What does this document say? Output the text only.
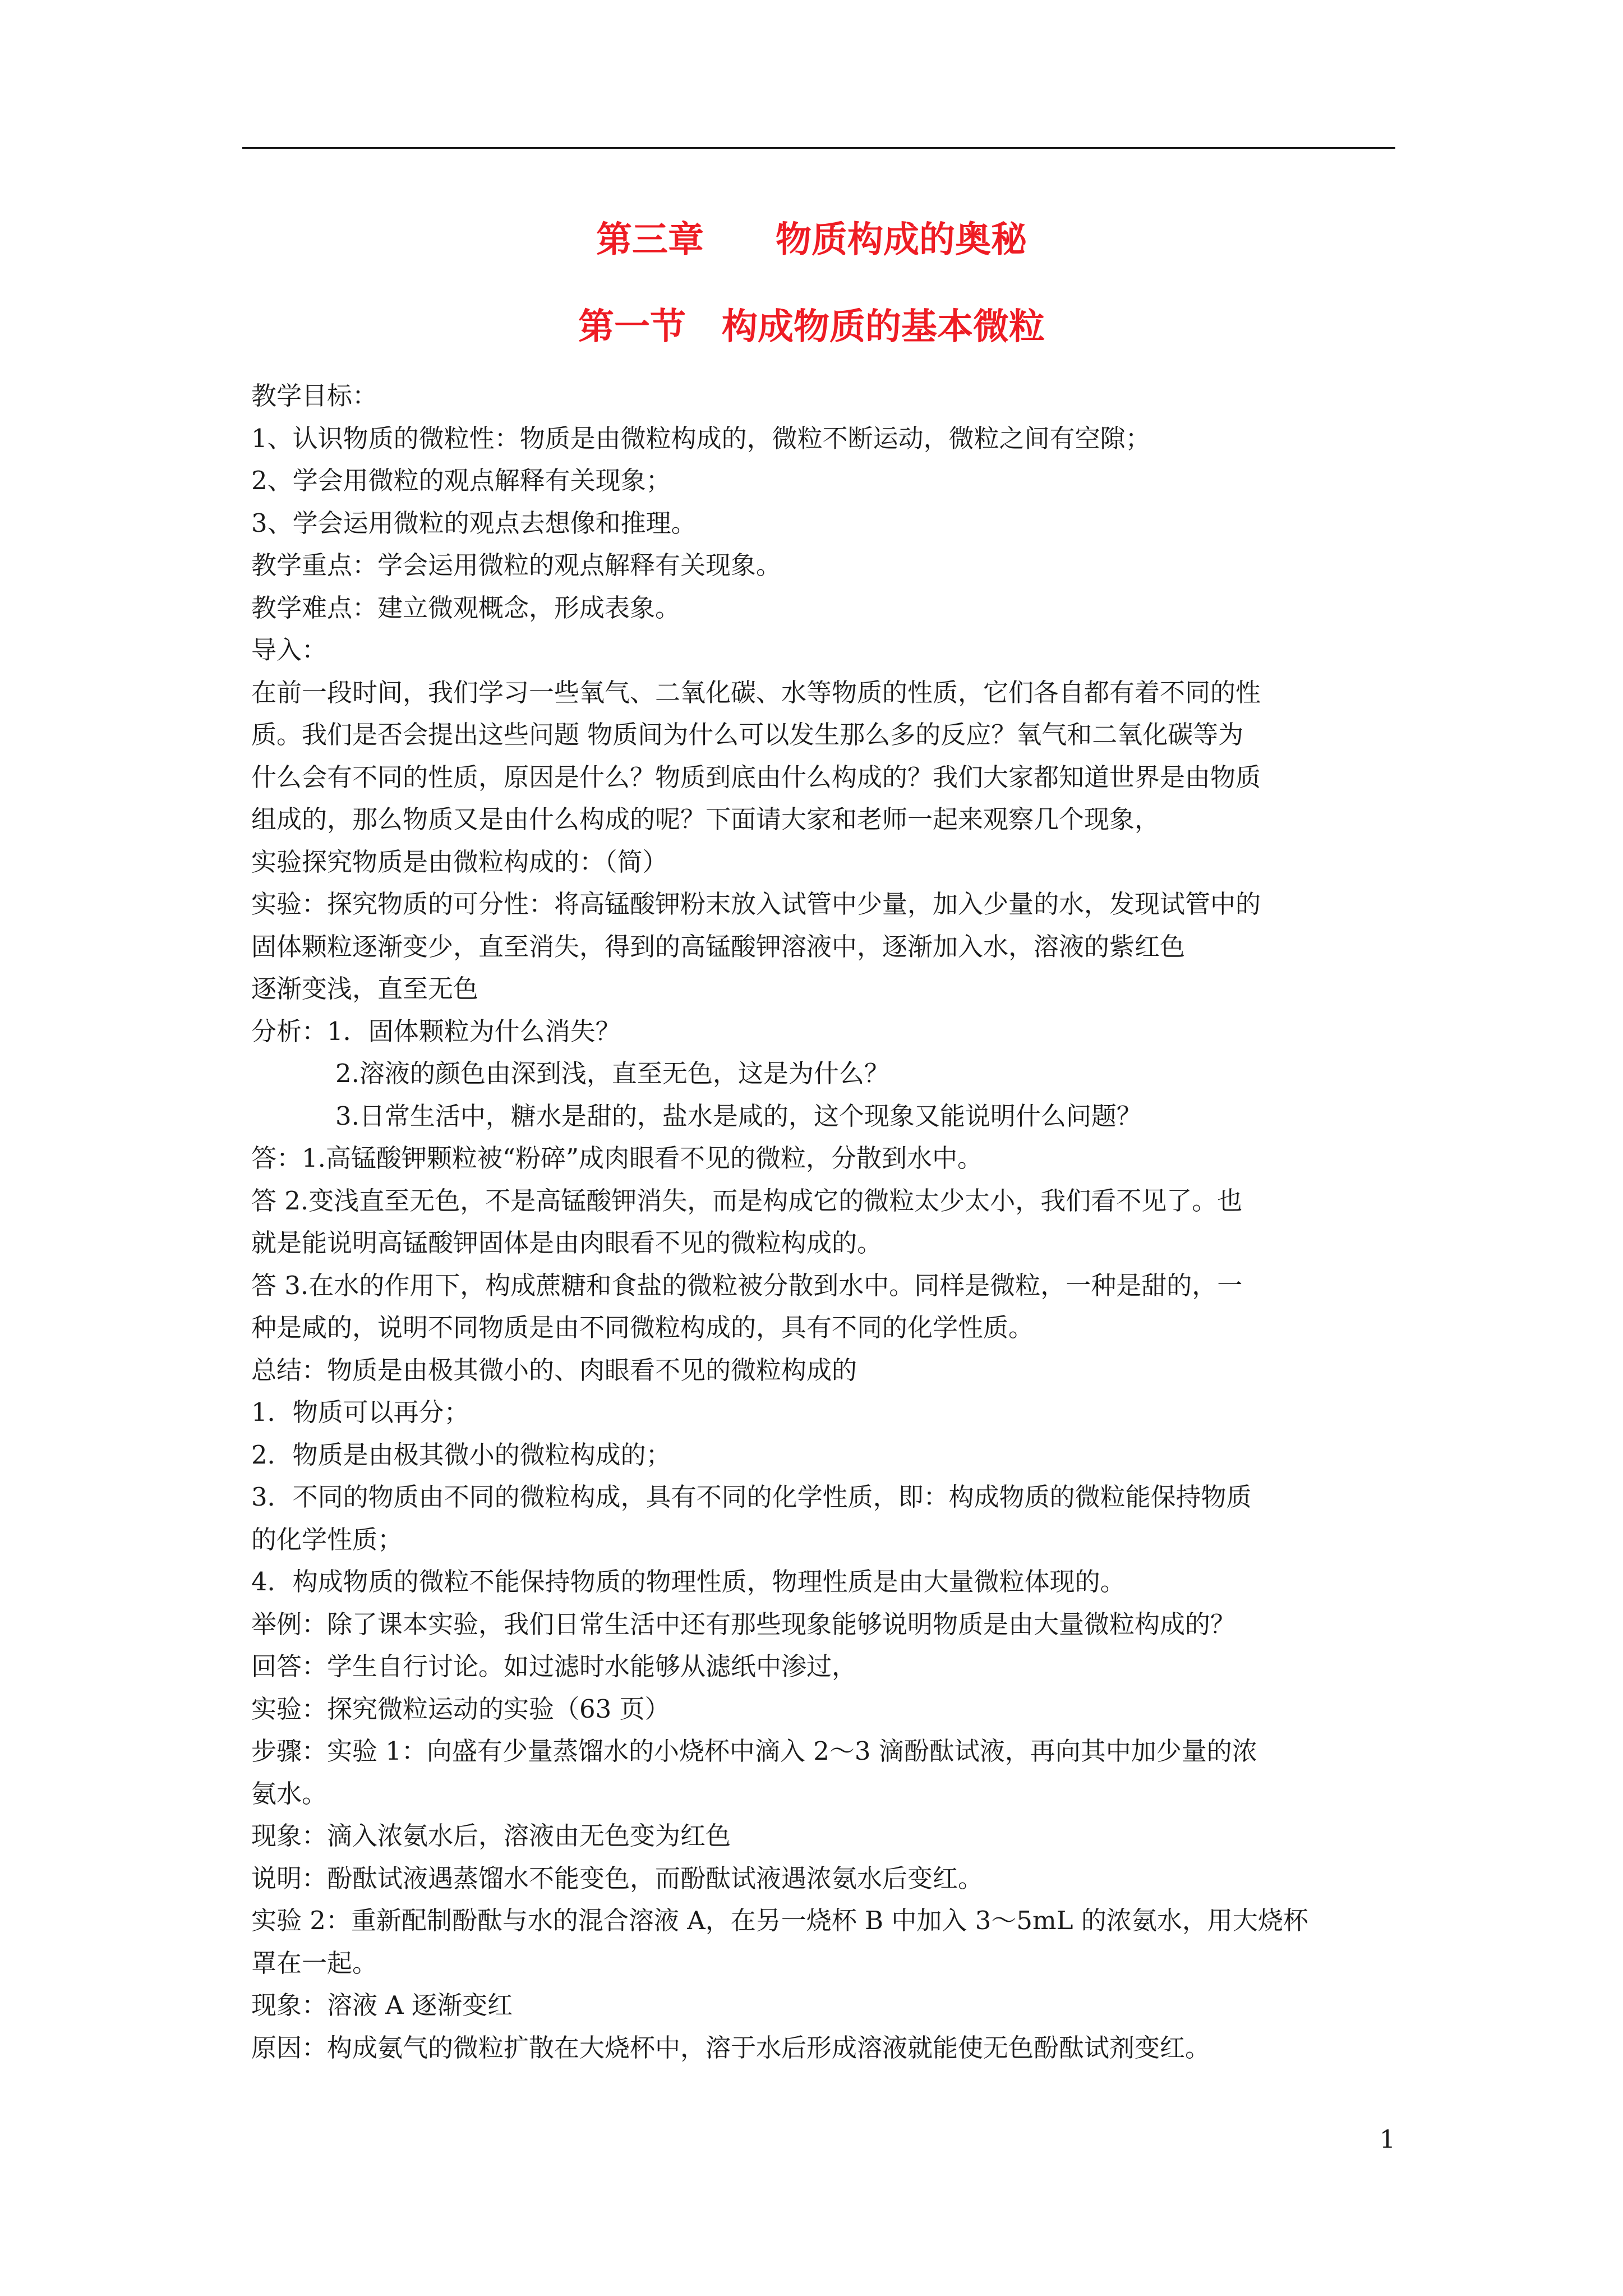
第三章　　物质构成的奥秘
第一节　构成物质的基本微粒
教学目标：
1、认识物质的微粒性：物质是由微粒构成的，微粒不断运动，微粒之间有空隙；
2、学会用微粒的观点解释有关现象；
3、学会运用微粒的观点去想像和推理。
教学重点：学会运用微粒的观点解释有关现象。
教学难点：建立微观概念，形成表象。
导入：
在前一段时间，我们学习一些氧气、二氧化碳、水等物质的性质，它们各自都有着不同的性
质。我们是否会提出这些问题 物质间为什么可以发生那么多的反应？氧气和二氧化碳等为
什么会有不同的性质，原因是什么？物质到底由什么构成的？我们大家都知道世界是由物质
组成的，那么物质又是由什么构成的呢？下面请大家和老师一起来观察几个现象，
实验探究物质是由微粒构成的：（简）
实验：探究物质的可分性：将高锰酸钾粉末放入试管中少量，加入少量的水，发现试管中的
固体颗粒逐渐变少，直至消失，得到的高锰酸钾溶液中，逐渐加入水，溶液的紫红色
逐渐变浅，直至无色
分析：1．固体颗粒为什么消失？
2.溶液的颜色由深到浅，直至无色，这是为什么？
3.日常生活中，糖水是甜的，盐水是咸的，这个现象又能说明什么问题？
答：1.高锰酸钾颗粒被“粉碎”成肉眼看不见的微粒，分散到水中。
答 2.变浅直至无色，不是高锰酸钾消失，而是构成它的微粒太少太小，我们看不见了。也
就是能说明高锰酸钾固体是由肉眼看不见的微粒构成的。
答 3.在水的作用下，构成蔗糖和食盐的微粒被分散到水中。同样是微粒，一种是甜的，一
种是咸的，说明不同物质是由不同微粒构成的，具有不同的化学性质。
总结：物质是由极其微小的、肉眼看不见的微粒构成的
1．物质可以再分；
2．物质是由极其微小的微粒构成的；
3．不同的物质由不同的微粒构成，具有不同的化学性质，即：构成物质的微粒能保持物质
的化学性质；
4．构成物质的微粒不能保持物质的物理性质，物理性质是由大量微粒体现的。
举例：除了课本实验，我们日常生活中还有那些现象能够说明物质是由大量微粒构成的？
回答：学生自行讨论。如过滤时水能够从滤纸中渗过，
实验：探究微粒运动的实验（63 页）
步骤：实验 1：向盛有少量蒸馏水的小烧杯中滴入 2～3 滴酚酞试液，再向其中加少量的浓
氨水。
现象：滴入浓氨水后，溶液由无色变为红色
说明：酚酞试液遇蒸馏水不能变色，而酚酞试液遇浓氨水后变红。
实验 2：重新配制酚酞与水的混合溶液 A，在另一烧杯 B 中加入 3～5mL 的浓氨水，用大烧杯
罩在一起。
现象：溶液 A 逐渐变红
原因：构成氨气的微粒扩散在大烧杯中，溶于水后形成溶液就能使无色酚酞试剂变红。
1
